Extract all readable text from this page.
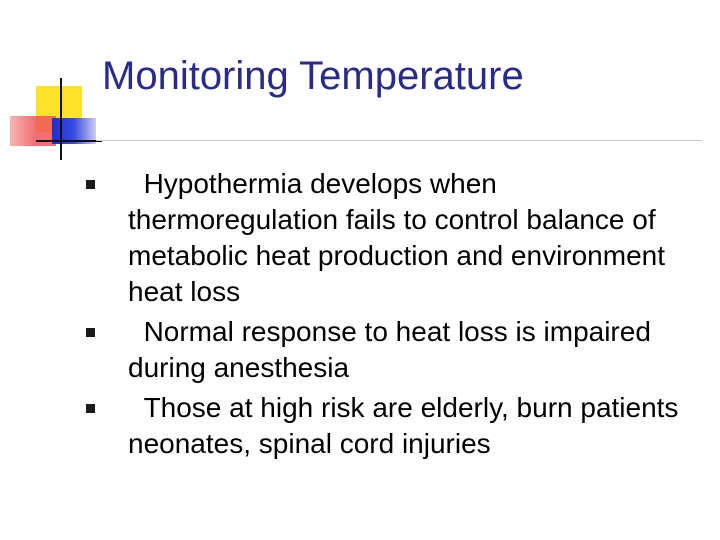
Monitoring Temperature
Hypothermia develops when thermoregulation fails to control balance of metabolic heat production and environment heat loss
Normal response to heat loss is impaired during anesthesia
Those at high risk are elderly, burn patients neonates, spinal cord injuries
